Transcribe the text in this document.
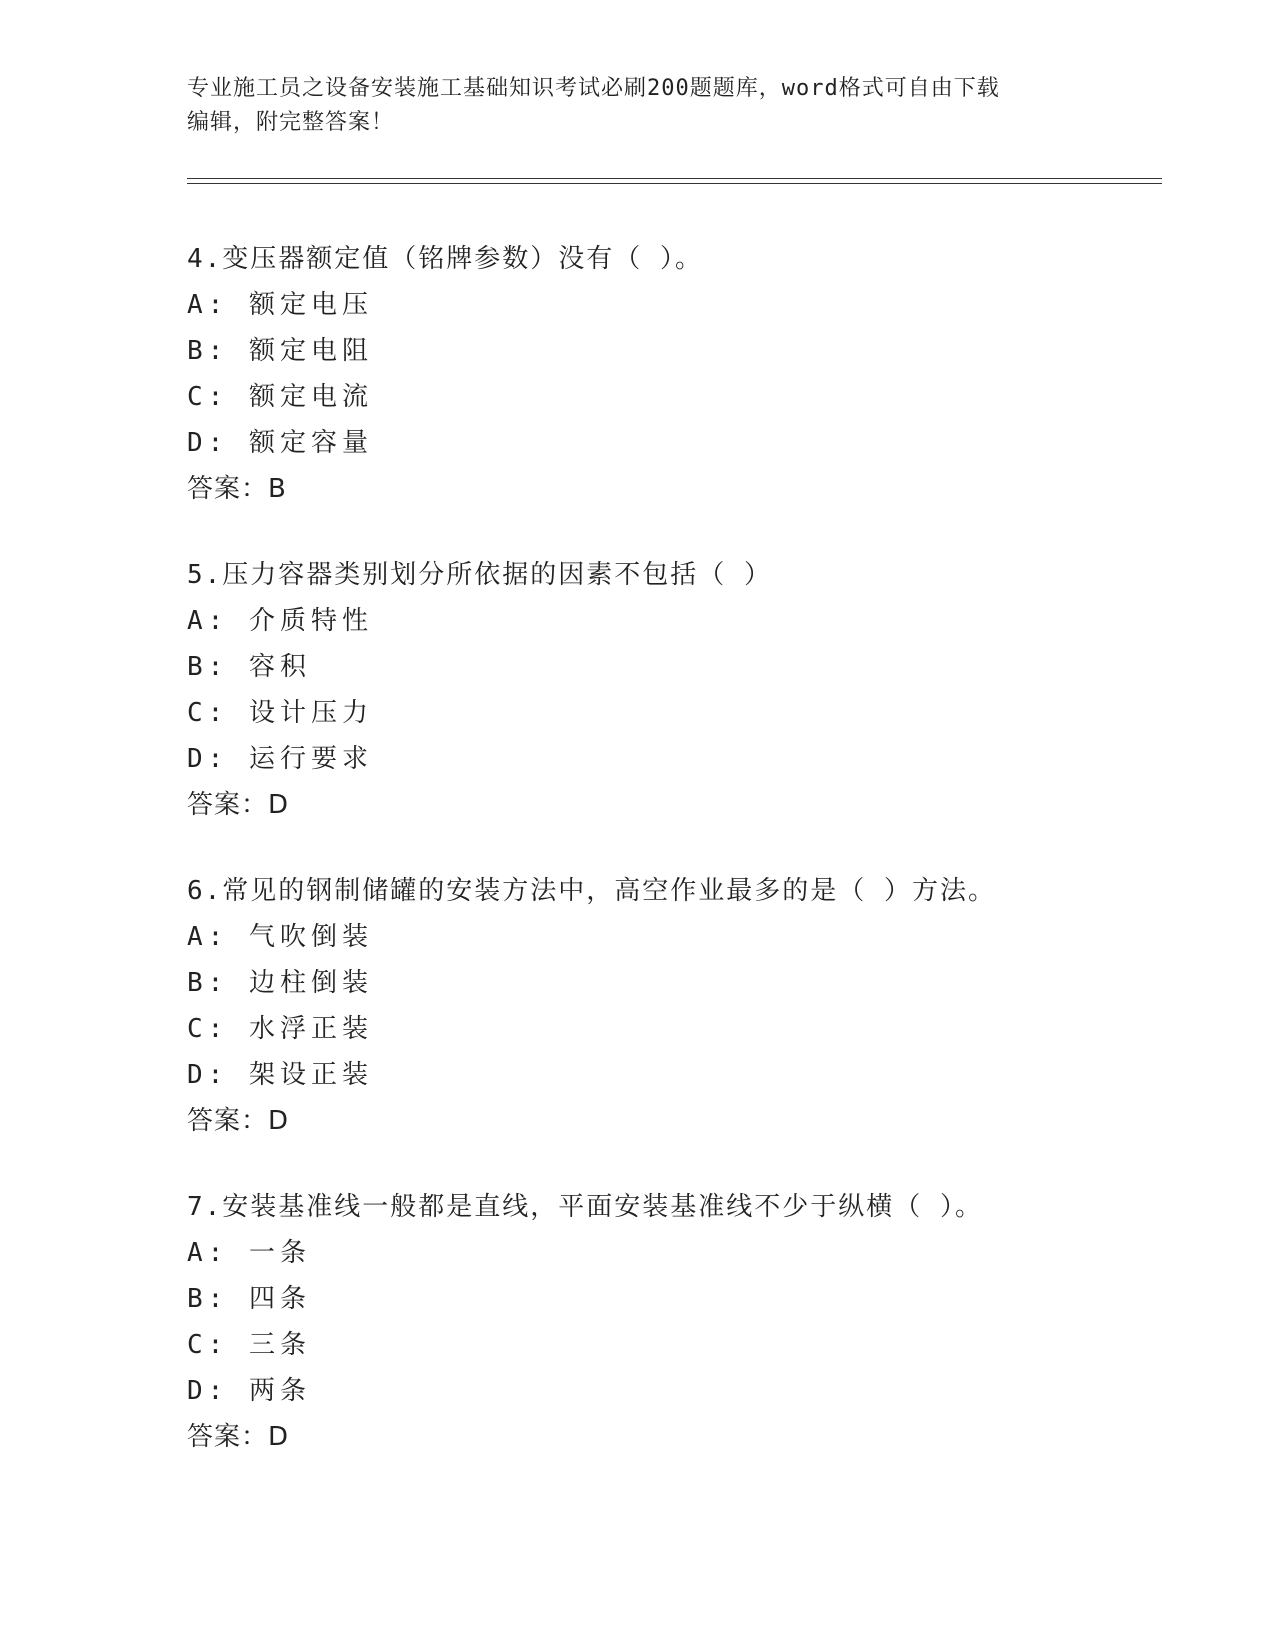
专业施工员之设备安装施工基础知识考试必刷200题题库，word格式可自由下载
编辑，附完整答案！
4.变压器额定值（铭牌参数）没有（ ）。
A: 额定电压
B: 额定电阻
C: 额定电流
D: 额定容量
答案：B
5.压力容器类别划分所依据的因素不包括（ ）
A: 介质特性
B: 容积
C: 设计压力
D: 运行要求
答案：D
6.常见的钢制储罐的安装方法中，高空作业最多的是（ ）方法。
A: 气吹倒装
B: 边柱倒装
C: 水浮正装
D: 架设正装
答案：D
7.安装基准线一般都是直线，平面安装基准线不少于纵横（ ）。
A: 一条
B: 四条
C: 三条
D: 两条
答案：D
